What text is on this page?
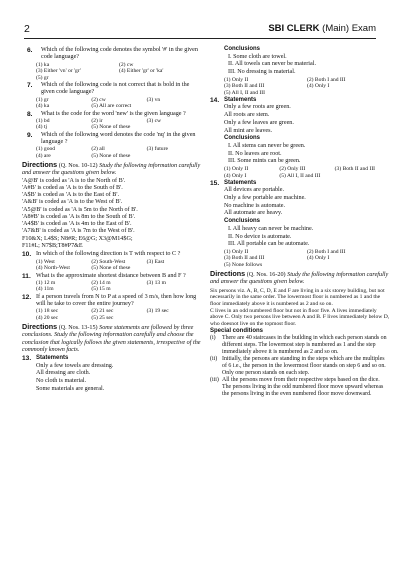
2	SBI CLERK (Main) Exam
6.	Which of the following code denotes the symbol '#' in the given code language?
(1) ka	(2) cw
(3) Either 'vn' or 'gr'	(4) Either 'gr' or 'ka'
(5) gr
7.	Which of the following code is not correct that is bold in the given code language?
(1) gr	(2) cw	(3) vn
(4) ka	(5) All are correct
8.	What is the code for the word 'new' is the given language ?
(1) bd	(2) ir	(3) cw
(4) tj	(5) None of these
9.	Which of the following word denotes the code 'nq' in the given language ?
(1) good	(2) all	(3) future
(4) are	(5) None of these
Directions (Q. Nos. 10-12) Study the following information carefully and answer the questions given below.
'A@B' is coded as 'A is to the North of B'.
'A#B' is coded as 'A is to the South of B'.
'A$B' is coded as 'A is to the East of B'.
'A&B' is coded as 'A is to the West of B'.
'A5@B' is coded as 'A is 5m to the North of B'.
'A8#B' is coded as 'A is 8m to the South of B'.
'A4$B' is coded as 'A is 4m to the East of B'.
'A7&B' is coded as 'A is 7m to the West of B'.
F10&X; L4$S; N8#R; E6@G; X3@M14$G;
F11#L; N7$B;T8#P7&E
10. In which of the following direction is T with respect to C ?
(1) West	(2) South-West	(3) East
(4) North-West	(5) None of these
11. What is the approximate shortest distance between B and F ?
(1) 12 m	(2) 14 m	(3) 13 m
(4) 11m	(5) 15 m
12. If a person travels from N to P at a speed of 3 m/s, then how long will he take to cover the entire journey?
(1) 18 sec	(2) 21 sec	(3) 19 sec
(4) 20 sec	(5) 25 sec
Directions (Q. Nos. 13-15) Some statements are followed by three conclusions. Study the following information carefully and choose the conclusion that logically follows the given statements, irrespective of the commonly known facts.
13. Statements
Only a few towels are dressing.
All dressing are cloth.
No cloth is material.
Some materials are general.
Conclusions
I. Some cloth are towel.
II. All towels can never be material.
III. No dressing is material.
(1) Only II	(2) Both I and III
(3) Both II and III	(4) Only I
(5) All I, II and III
14. Statements
Only a few roots are green.
All roots are stem.
Only a few leaves are green.
All mint are leaves.
Conclusions
I. All stems can never be green.
II. No leaves are root.
III. Some mints can be green.
(1) Only II	(2) Only III	(3) Both II and III
(4) Only I	(5) All I, II and III
15. Statements
All devices are portable.
Only a few portable are machine.
No machine is automate.
All automate are heavy.
Conclusions
I. All heavy can never be machine.
II. No device is automate.
III. All portable can be automate.
(1) Only II	(2) Both I and III
(3) Both II and III	(4) Only I
(5) None follows
Directions (Q. Nos. 16-20) Study the following information carefully and answer the questions given below.
Six persons viz. A, B, C, D, E and F are living in a six storey building, but not necessarily in the same order. The lowermost floor is numbered as 1 and the floor immediately above it is numbered as 2 and so on.
C lives in an odd numbered floor but not in floor five. A lives immediately above C. Only two persons live between A and B. F lives immediately below D, who doesnot live on the topmost floor.
Special conditions
(i)	There are 40 staircases in the building in which each person stands on different steps. The lowermost step is numbered as 1 and the step immediately above it is numbered as 2 and so on.
(ii) Initially, the persons are standing in the steps which are the multiples of 6 i.e., the person in the lowermost floor stands on step 6 and so on. Only one person stands on each step.
(iii) All the persons move from their respective steps based on the dice. The persons living in the odd numbered floor move upward whereas the persons living in the even numbered floor move downward.
